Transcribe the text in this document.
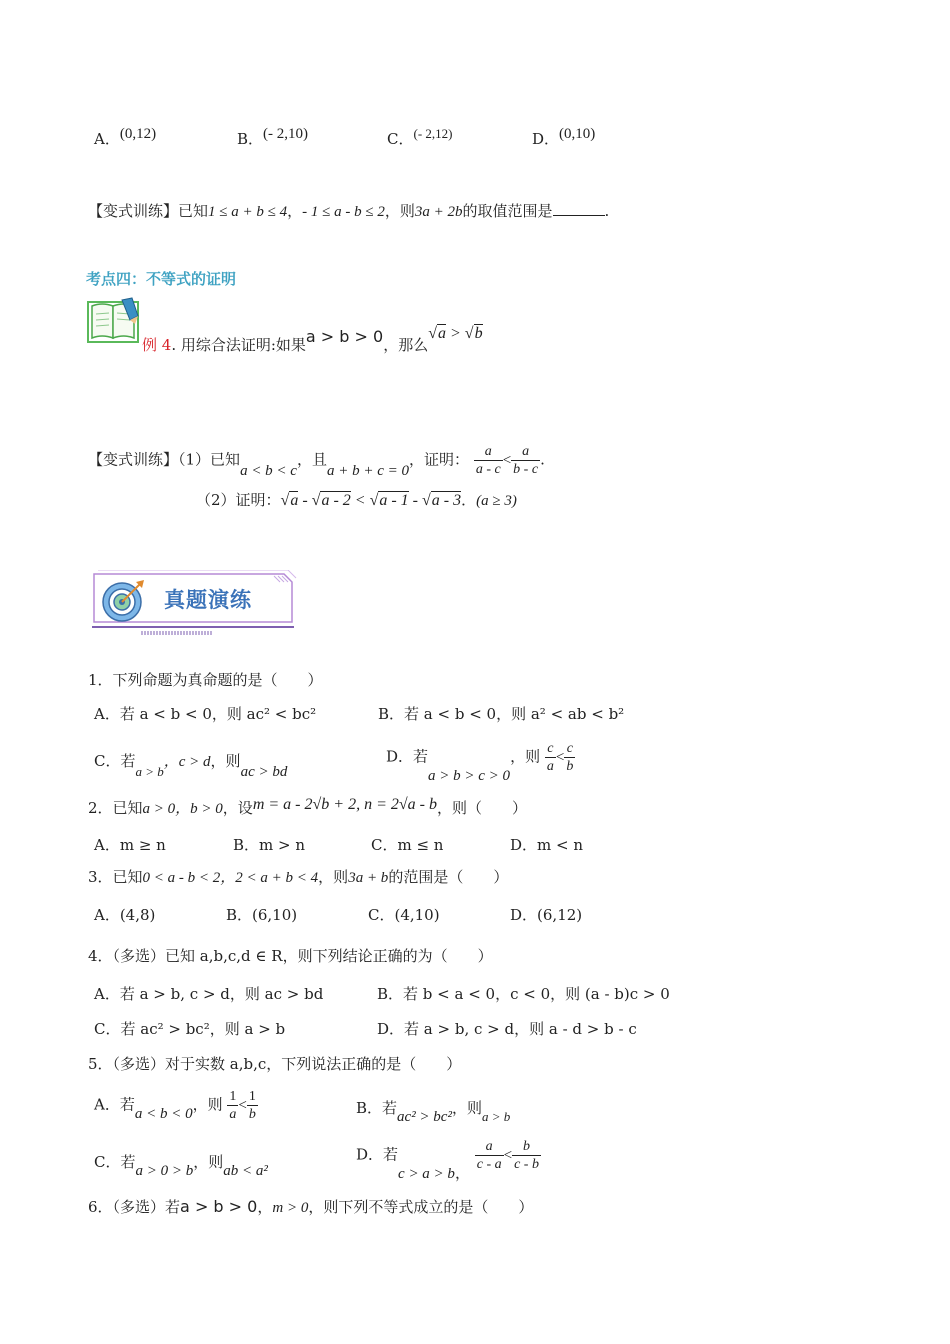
A．(0,12)	B．(- 2,10)	C．(- 2,12)	D．(0,10)
【变式训练】已知1 ≤ a + b ≤ 4，- 1 ≤ a - b ≤ 2，则3a + 2b的取值范围是	.
考点四：不等式的证明
例 4. 用综合法证明:如果a > b > 0，那么√a > √b
【变式训练】（1）已知a < b < c，且a + b + c = 0，证明： $\frac{a}{a - c} < \frac{a}{b - c}$ .
（2）证明：√a - √a - 2 < √a - 1 - √a - 3．(a ≥ 3)
真题演练
1．下列命题为真命题的是（　　）
A．若 a < b < 0，则 ac² < bc²	B．若 a < b < 0，则 a² < ab < b²
C．若a > b，c > d，则ac > bd
D．若a > b > c > 0，则 $\frac{c}{a} < \frac{c}{b}$
2．已知a > 0，b > 0，设m = a - 2√b + 2, n = 2√a - b，则（　　）
A．m ≥ n	B．m > n	C．m ≤ n	D．m < n
3．已知0 < a - b < 2，2 < a + b < 4，则3a + b的范围是（　　）
A．(4,8)	B．(6,10)	C．(4,10)	D．(6,12)
4．（多选）已知 a,b,c,d ∈ R，则下列结论正确的为（　　）
A．若 a > b, c > d，则 ac > bd	B．若 b < a < 0，c < 0，则 (a - b)c > 0
C．若 ac² > bc²，则 a > b	D．若 a > b, c > d，则 a - d > b - c
5．（多选）对于实数 a,b,c，下列说法正确的是（　　）
A．若a < b < 0，则 $\frac{1}{a} < \frac{1}{b}$	B．若ac² > bc²，则a > b
C．若a > 0 > b，则ab < a²
D．若c > a > b， $\frac{a}{c - a} < \frac{b}{c - b}$
6．（多选）若a > b > 0，m > 0，则下列不等式成立的是（　　）
